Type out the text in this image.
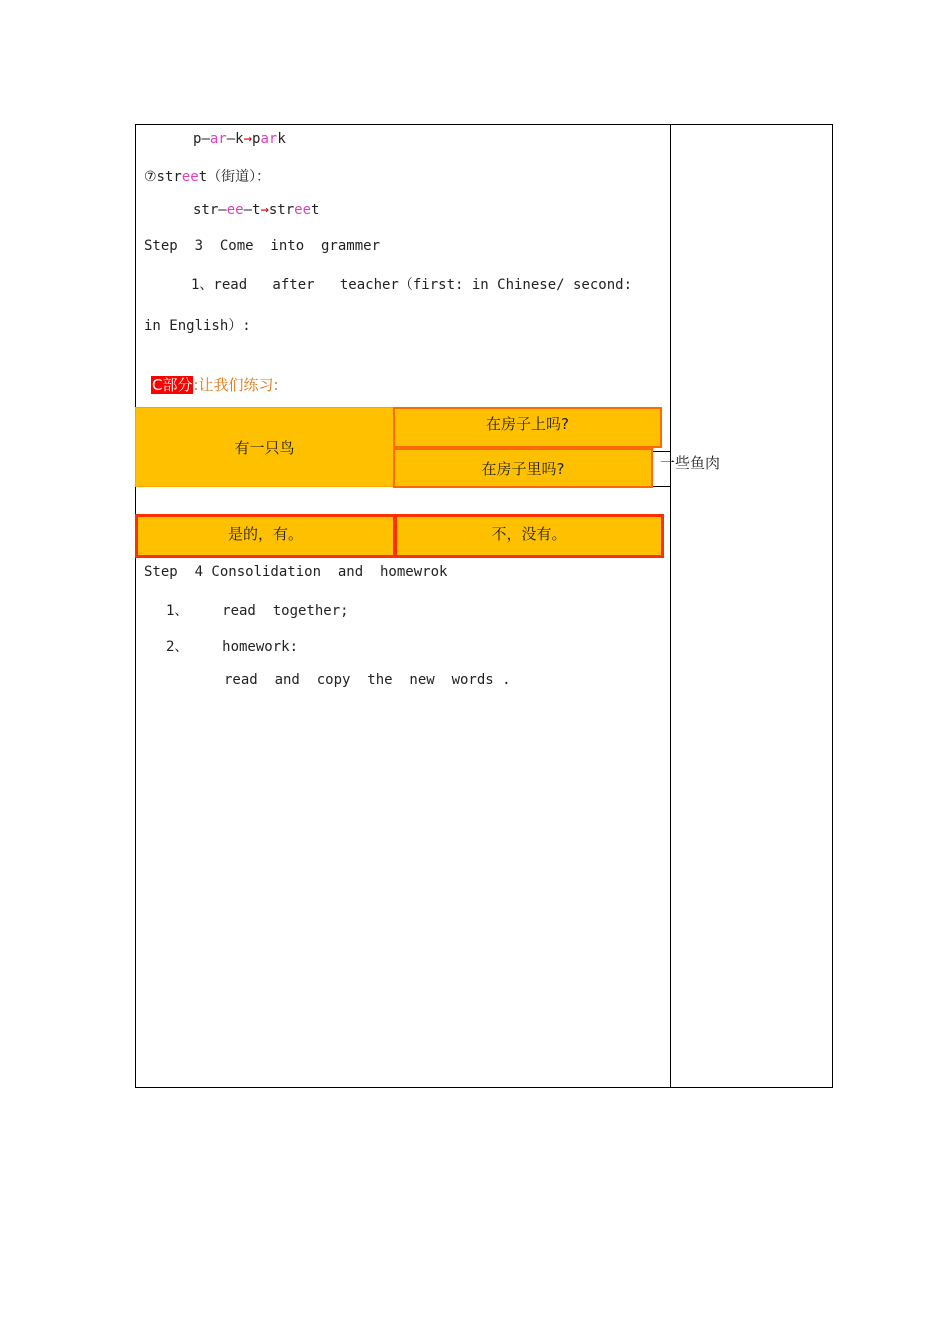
p—ar—k→park
⑦street（街道）：
str—ee—t→street
Step  3  Come  into  grammer
1、read   after   teacher（first: in Chinese/ second:
in English）:
C部分:让我们练习:
有一只鸟
在房子上吗?
在房子里吗?	一些鱼肉
是的，有。	不，没有。
Step  4 Consolidation  and  homewrok
1、    read  together;
2、    homework:
read  and  copy  the  new  words .
